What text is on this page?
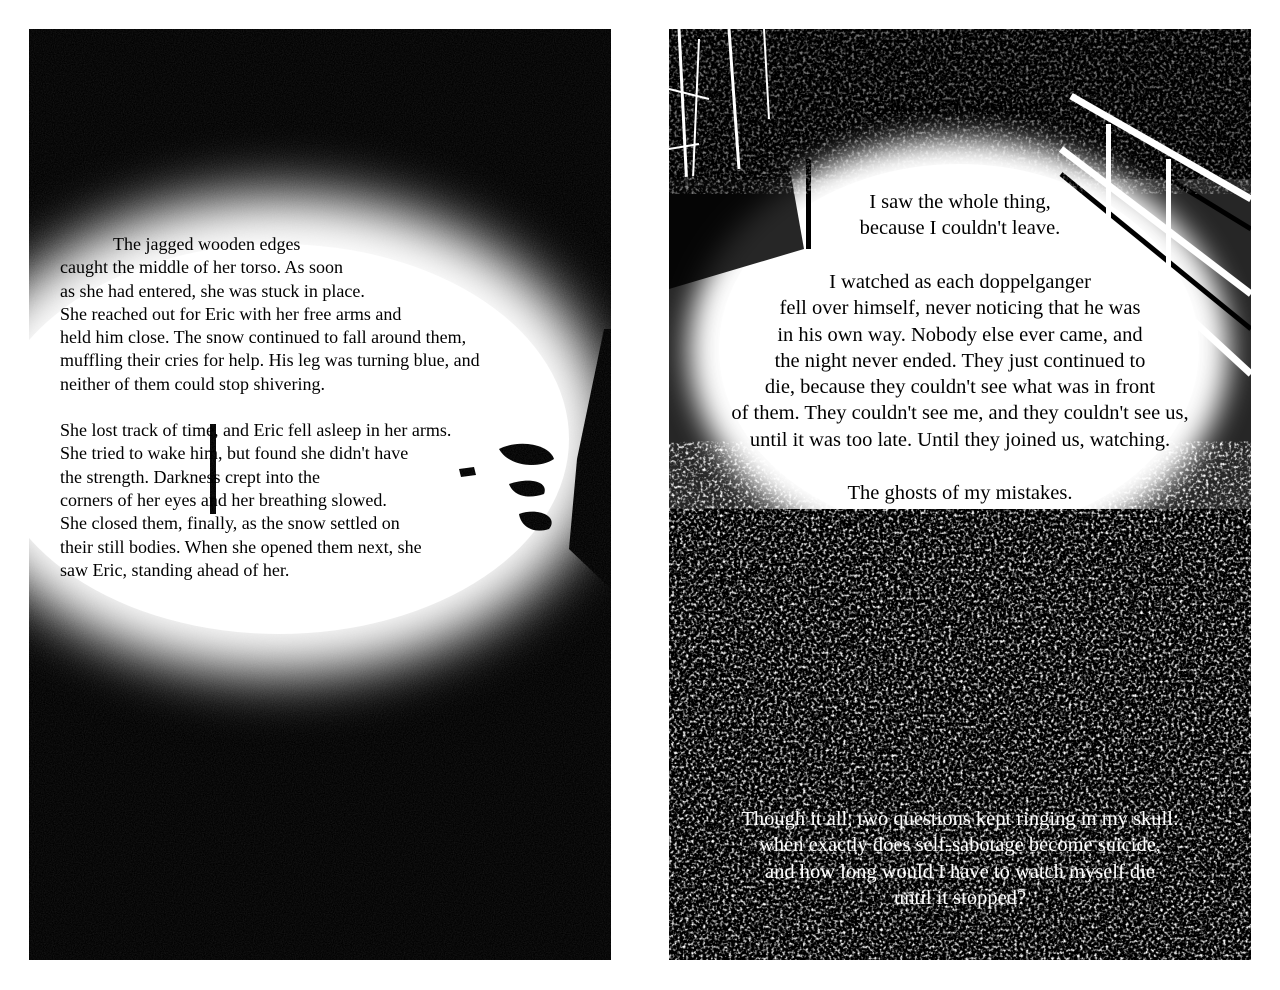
The jagged wooden edges
caught the middle of her torso. As soon
as she had entered, she was stuck in place.
She reached out for Eric with her free arms and
held him close. The snow continued to fall around them,
muffling their cries for help. His leg was turning blue, and
neither of them could stop shivering.
She lost track of time, and Eric fell asleep in her arms.
She tried to wake him, but found she didn't have
the strength. Darkness crept into the
corners of her eyes and her breathing slowed.
She closed them, finally, as the snow settled on
their still bodies. When she opened them next, she
saw Eric, standing ahead of her.
Trust me, I was there.
I saw the whole thing,
because I couldn't leave.
I watched as each doppelganger
fell over himself, never noticing that he was
in his own way. Nobody else ever came, and
the night never ended. They just continued to
die, because they couldn't see what was in front
of them. They couldn't see me, and they couldn't see us,
until it was too late. Until they joined us, watching.
The ghosts of my mistakes.
Though it all, two questions kept ringing in my skull:
when exactly does self-sabotage become suicide,
and how long would I have to watch myself die
until it stopped?
